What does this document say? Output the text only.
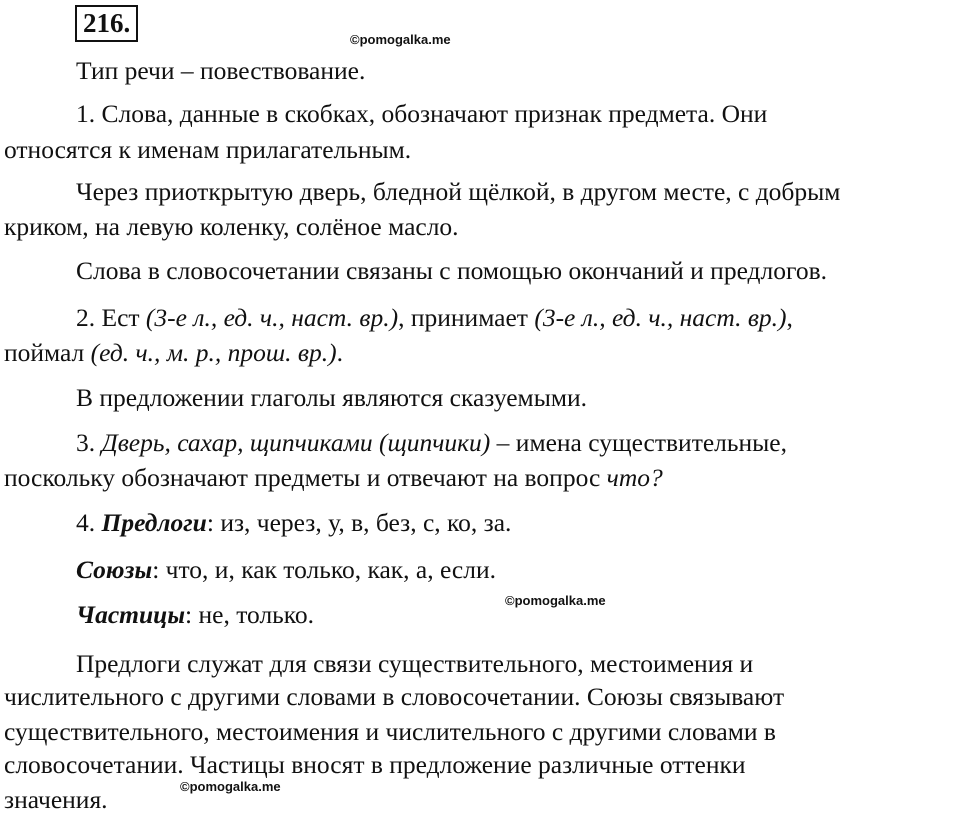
216.
©pomogalka.me
©pomogalka.me
©pomogalka.me
Тип речи – повествование.
1. Слова, данные в скобках, обозначают признак предмета. Они
относятся к именам прилагательным.
Через приоткрытую дверь, бледной щёлкой, в другом месте, с добрым
криком, на левую коленку, солёное масло.
Слова в словосочетании связаны с помощью окончаний и предлогов.
2. Ест (3-е л., ед. ч., наст. вр.), принимает (3-е л., ед. ч., наст. вр.),
поймал (ед. ч., м. р., прош. вр.).
В предложении глаголы являются сказуемыми.
3. Дверь, сахар, щипчиками (щипчики) – имена существительные,
поскольку обозначают предметы и отвечают на вопрос что?
4. Предлоги: из, через, у, в, без, с, ко, за.
Союзы: что, и, как только, как, а, если.
Частицы: не, только.
Предлоги служат для связи существительного, местоимения и
числительного с другими словами в словосочетании. Союзы связывают
существительного, местоимения и числительного с другими словами в
словосочетании. Частицы вносят в предложение различные оттенки
значения.
